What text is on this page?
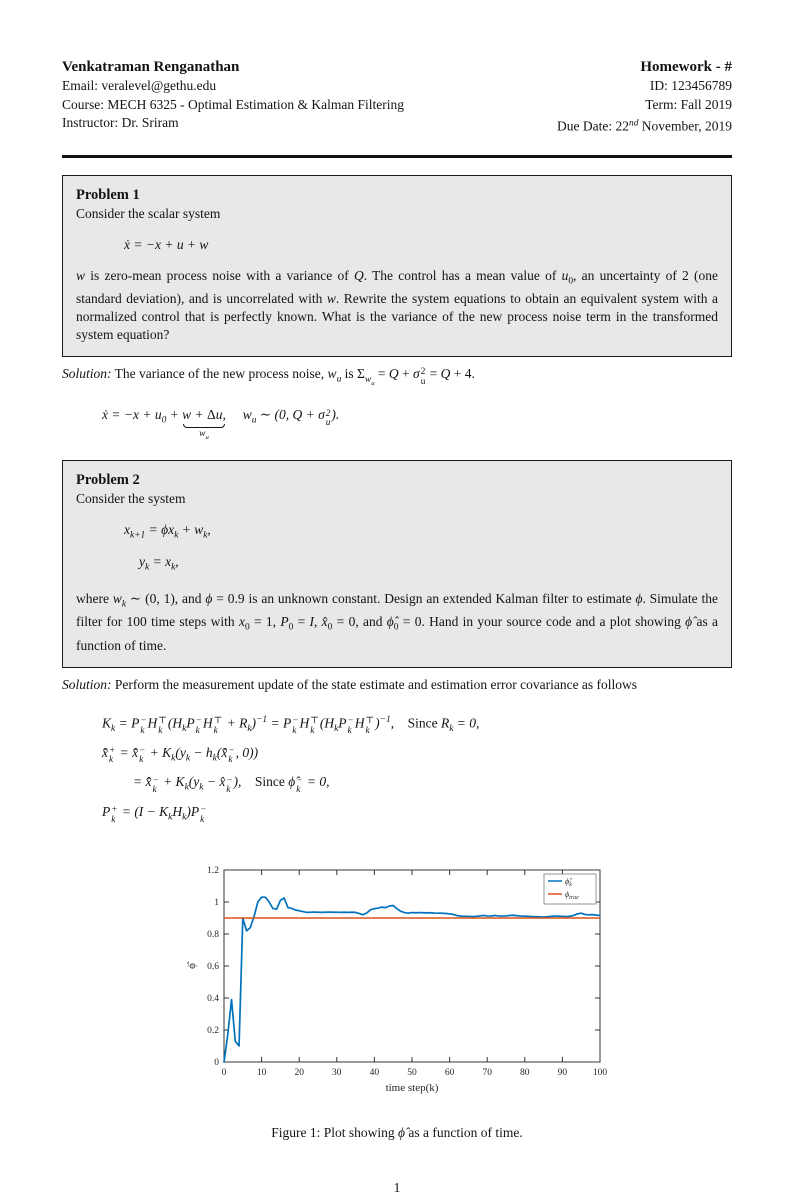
Venkatraman Renganathan
Email: veralevel@gethu.edu
Course: MECH 6325 - Optimal Estimation & Kalman Filtering
Instructor: Dr. Sriram
Homework - #
ID: 123456789
Term: Fall 2019
Due Date: 22nd November, 2019
Problem 1

Consider the scalar system

ẋ = −x + u + w

w is zero-mean process noise with a variance of Q. The control has a mean value of $u_0$, an uncertainty of 2 (one standard deviation), and is uncorrelated with w. Rewrite the system equations to obtain an equivalent system with a normalized control that is perfectly known. What is the variance of the new process noise term in the transformed system equation?

Solution: The variance of the new process noise, $w_u$ is $\Sigma_{w_u} = Q + \sigma$ 2
u = Q + 4.

ẋ = $-x + u_0 + w + \Delta u$,
$w_u$
  $w_u$ ∼ (0, Q + σ 2
u ).
Problem 2

Consider the system

$x_{k+1} = \phi x_k + w_k$,
$y_k = x_k$,

where $w_k$ ∼ (0, 1), and ϕ = 0.9 is an unknown constant. Design an extended Kalman filter to estimate ϕ. Simulate the filter for 100 time steps with $x_0 = 1$, $P_0 = I$, $x̂_0 = 0$, and $\phî_0 = 0$. Hand in your source code and a plot showing ϕ̂ as a function of time.

Solution: Perform the measurement update of the state estimate and estimation error covariance as follows

$K_k = P$ −
k H ⊤
k ($H_kP$ −
k H ⊤
$k + R_k)^{-1} = P$ −
k H ⊤
k ($H_kP$ −
k H ⊤
k )$^{-1}$, Since $R_k = 0$,
x̄̂ +
k = x̄̂ −
$k + K_k(y_k$ − $h_k(x̄̂$ −
k , 0))
= x̄̂ −
$k + K_k(y_k$ − x̂ −
k ), Since ϕ̂ −
k = 0,
P +
$k = (I - K_kH_k)P$ −
k
0	10	20	30	40	50	60	70	80	90	100
0
0.2
0.4
0.6
0.8
1
1.2
time step(k)
ϕ̂
$\phî_k$
$\phi_{true}$
Figure 1: Plot showing ϕ̂ as a function of time.
1
